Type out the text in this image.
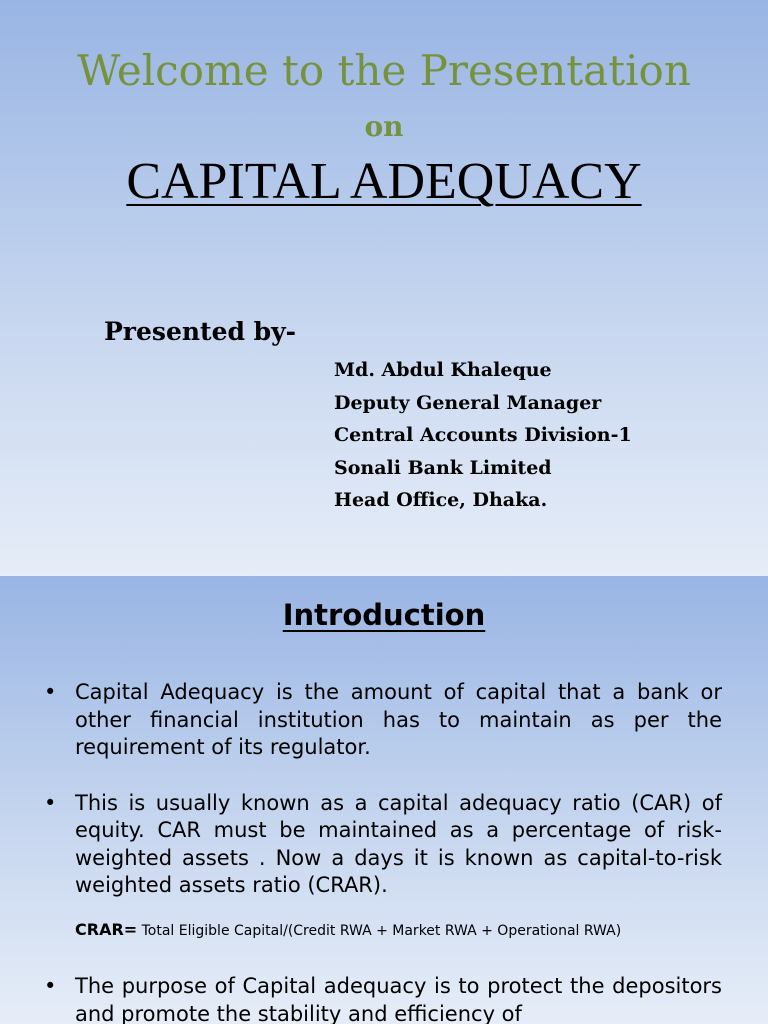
Welcome to the Presentation
on
CAPITAL ADEQUACY
Presented by-
Md. Abdul Khaleque
Deputy General Manager
Central Accounts Division-1
Sonali Bank Limited
Head Office, Dhaka.
Introduction
• Capital Adequacy is the amount of capital that a bank or other financial institution has to maintain as per the requirement of its regulator.
• This is usually known as a capital adequacy ratio (CAR) of equity. CAR must be maintained as a percentage of risk-weighted assets . Now a days it is known as capital-to-risk weighted assets ratio (CRAR).
CRAR= Total Eligible Capital/(Credit RWA + Market RWA + Operational RWA)
• The purpose of Capital adequacy is to protect the depositors and promote the stability and efficiency of
